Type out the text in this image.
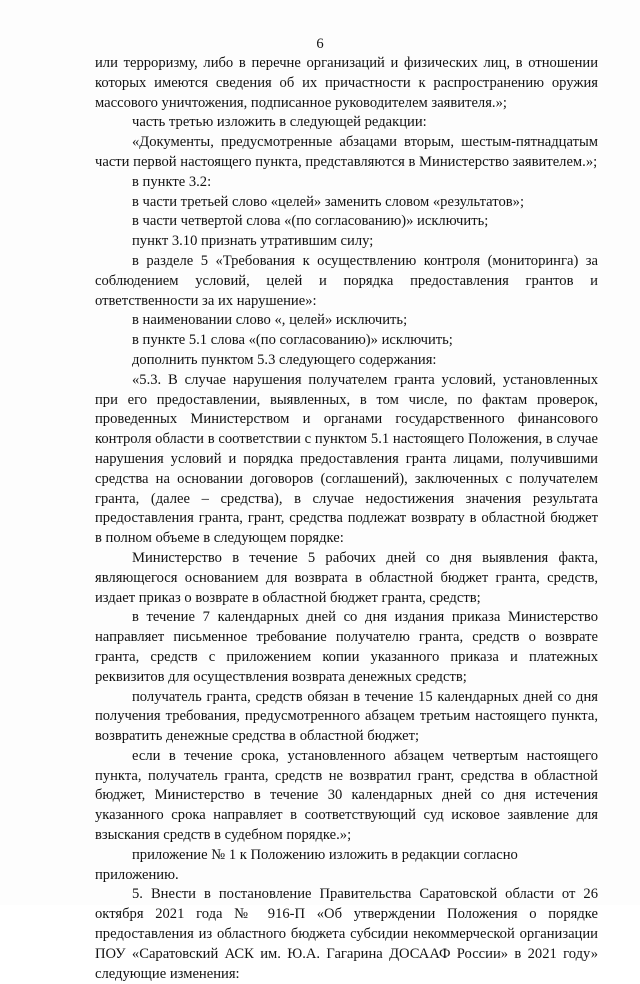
6

или терроризму, либо в перечне организаций и физических лиц, в отношении которых имеются сведения об их причастности к распространению оружия массового уничтожения, подписанное руководителем заявителя.»;

часть третью изложить в следующей редакции:

«Документы, предусмотренные абзацами вторым, шестым-пятнадцатым части первой настоящего пункта, представляются в Министерство заявителем.»;

в пункте 3.2:

в части третьей слово «целей» заменить словом «результатов»;

в части четвертой слова «(по согласованию)» исключить;

пункт 3.10 признать утратившим силу;

в разделе 5 «Требования к осуществлению контроля (мониторинга) за соблюдением условий, целей и порядка предоставления грантов и ответственности за их нарушение»:

в наименовании слово «, целей» исключить;

в пункте 5.1 слова «(по согласованию)» исключить;

дополнить пунктом 5.3 следующего содержания:

«5.3. В случае нарушения получателем гранта условий, установленных при его предоставлении, выявленных, в том числе, по фактам проверок, проведенных Министерством и органами государственного финансового контроля области в соответствии с пунктом 5.1 настоящего Положения, в случае нарушения условий и порядка предоставления гранта лицами, получившими средства на основании договоров (соглашений), заключенных с получателем гранта, (далее – средства), в случае недостижения значения результата предоставления гранта, грант, средства подлежат возврату в областной бюджет в полном объеме в следующем порядке:

Министерство в течение 5 рабочих дней со дня выявления факта, являющегося основанием для возврата в областной бюджет гранта, средств, издает приказ о возврате в областной бюджет гранта, средств;

в течение 7 календарных дней со дня издания приказа Министерство направляет письменное требование получателю гранта, средств о возврате гранта, средств с приложением копии указанного приказа и платежных реквизитов для осуществления возврата денежных средств;

получатель гранта, средств обязан в течение 15 календарных дней со дня получения требования, предусмотренного абзацем третьим настоящего пункта, возвратить денежные средства в областной бюджет;

если в течение срока, установленного абзацем четвертым настоящего пункта, получатель гранта, средств не возвратил грант, средства в областной бюджет, Министерство в течение 30 календарных дней со дня истечения указанного срока направляет в соответствующий суд исковое заявление для взыскания средств в судебном порядке.»;

приложение № 1 к Положению изложить в редакции согласно приложению.

5. Внести в постановление Правительства Саратовской области от 26 октября 2021 года № 916-П «Об утверждении Положения о порядке предоставления из областного бюджета субсидии некоммерческой организации ПОУ «Саратовский АСК им. Ю.А. Гагарина ДОСААФ России» в 2021 году» следующие изменения:
